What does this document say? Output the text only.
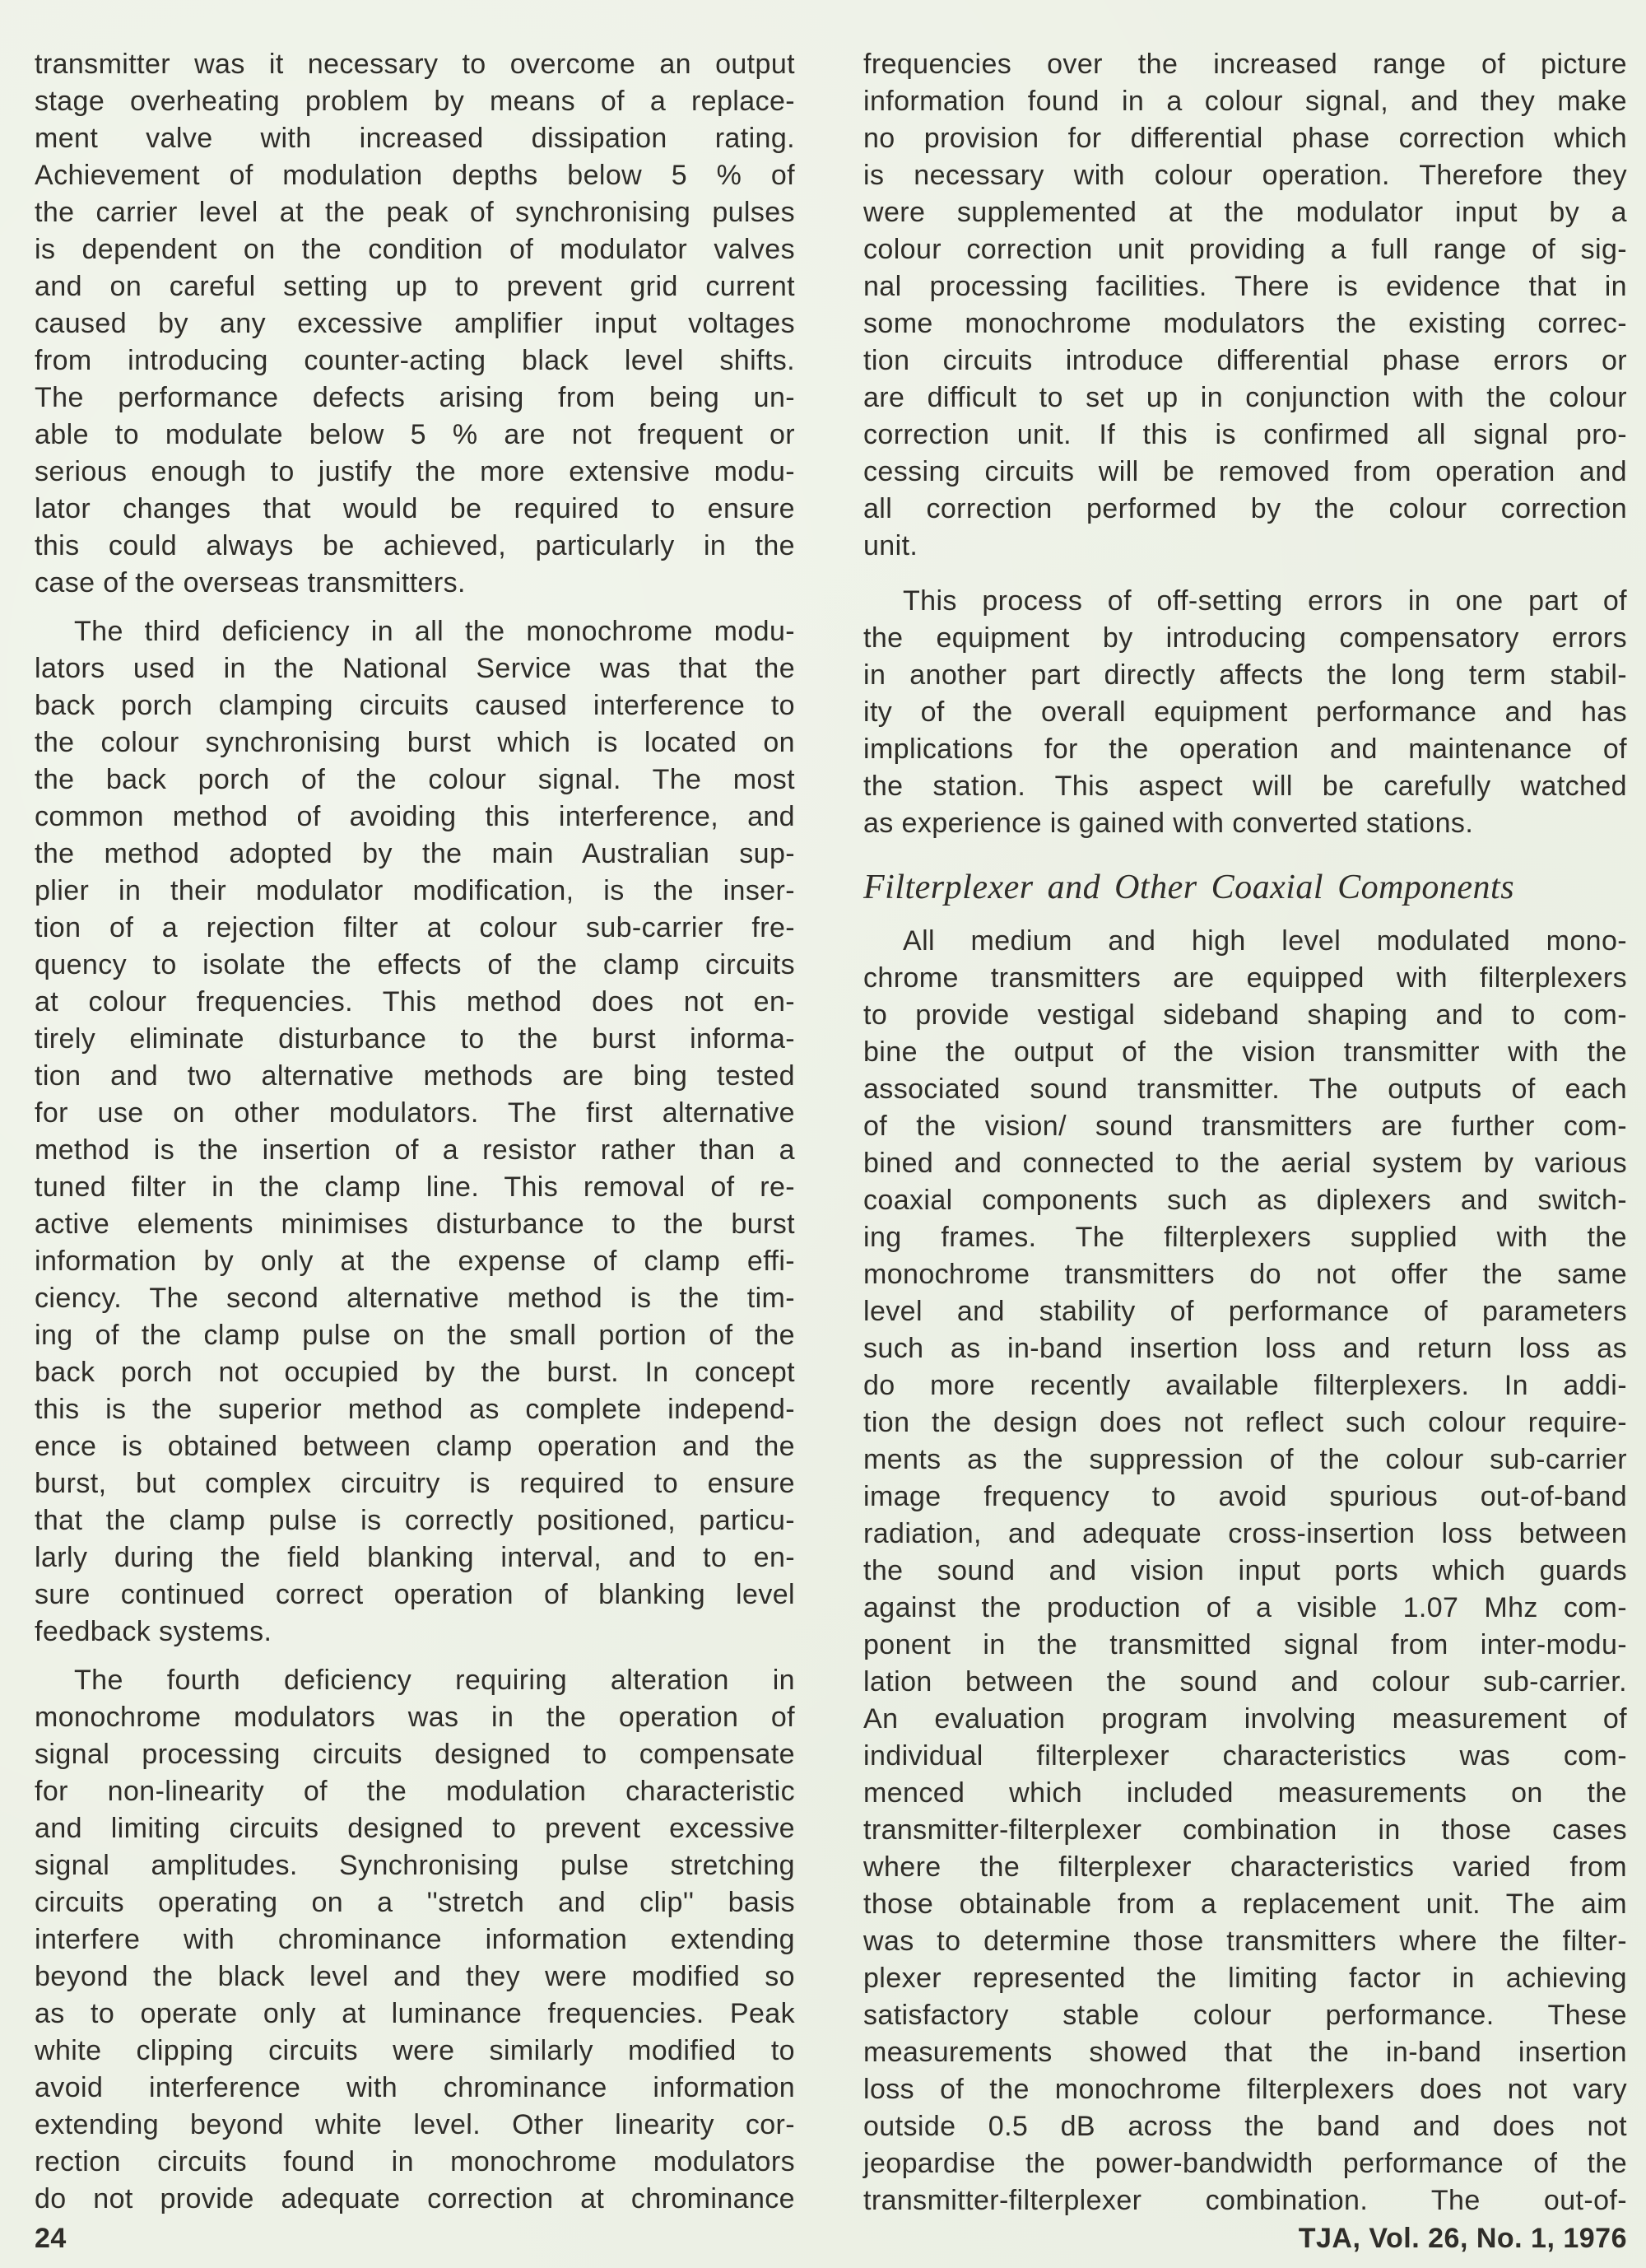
transmitter was it necessary to overcome an output
stage overheating problem by means of a replace-
ment valve with increased dissipation rating.
Achievement of modulation depths below 5 % of
the carrier level at the peak of synchronising pulses
is dependent on the condition of modulator valves
and on careful setting up to prevent grid current
caused by any excessive amplifier input voltages
from introducing counter-acting black level shifts.
The performance defects arising from being un-
able to modulate below 5 % are not frequent or
serious enough to justify the more extensive modu-
lator changes that would be required to ensure
this could always be achieved, particularly in the
case of the overseas transmitters.
The third deficiency in all the monochrome modu-
lators used in the National Service was that the
back porch clamping circuits caused interference to
the colour synchronising burst which is located on
the back porch of the colour signal. The most
common method of avoiding this interference, and
the method adopted by the main Australian sup-
plier in their modulator modification, is the inser-
tion of a rejection filter at colour sub-carrier fre-
quency to isolate the effects of the clamp circuits
at colour frequencies. This method does not en-
tirely eliminate disturbance to the burst informa-
tion and two alternative methods are bing tested
for use on other modulators. The first alternative
method is the insertion of a resistor rather than a
tuned filter in the clamp line. This removal of re-
active elements minimises disturbance to the burst
information by only at the expense of clamp effi-
ciency. The second alternative method is the tim-
ing of the clamp pulse on the small portion of the
back porch not occupied by the burst. In concept
this is the superior method as complete independ-
ence is obtained between clamp operation and the
burst, but complex circuitry is required to ensure
that the clamp pulse is correctly positioned, particu-
larly during the field blanking interval, and to en-
sure continued correct operation of blanking level
feedback systems.
The fourth deficiency requiring alteration in
monochrome modulators was in the operation of
signal processing circuits designed to compensate
for non-linearity of the modulation characteristic
and limiting circuits designed to prevent excessive
signal amplitudes. Synchronising pulse stretching
circuits operating on a ''stretch and clip'' basis
interfere with chrominance information extending
beyond the black level and they were modified so
as to operate only at luminance frequencies. Peak
white clipping circuits were similarly modified to
avoid interference with chrominance information
extending beyond white level. Other linearity cor-
rection circuits found in monochrome modulators
do not provide adequate correction at chrominance
frequencies over the increased range of picture
information found in a colour signal, and they make
no provision for differential phase correction which
is necessary with colour operation. Therefore they
were supplemented at the modulator input by a
colour correction unit providing a full range of sig-
nal processing facilities. There is evidence that in
some monochrome modulators the existing correc-
tion circuits introduce differential phase errors or
are difficult to set up in conjunction with the colour
correction unit. If this is confirmed all signal pro-
cessing circuits will be removed from operation and
all correction performed by the colour correction
unit.
This process of off-setting errors in one part of
the equipment by introducing compensatory errors
in another part directly affects the long term stabil-
ity of the overall equipment performance and has
implications for the operation and maintenance of
the station. This aspect will be carefully watched
as experience is gained with converted stations.
Filterplexer and Other Coaxial Components
All medium and high level modulated mono-
chrome transmitters are equipped with filterplexers
to provide vestigal sideband shaping and to com-
bine the output of the vision transmitter with the
associated sound transmitter. The outputs of each
of the vision/ sound transmitters are further com-
bined and connected to the aerial system by various
coaxial components such as diplexers and switch-
ing frames. The filterplexers supplied with the
monochrome transmitters do not offer the same
level and stability of performance of parameters
such as in-band insertion loss and return loss as
do more recently available filterplexers. In addi-
tion the design does not reflect such colour require-
ments as the suppression of the colour sub-carrier
image frequency to avoid spurious out-of-band
radiation, and adequate cross-insertion loss between
the sound and vision input ports which guards
against the production of a visible 1.07 Mhz com-
ponent in the transmitted signal from inter-modu-
lation between the sound and colour sub-carrier.
An evaluation program involving measurement of
individual filterplexer characteristics was com-
menced which included measurements on the
transmitter-filterplexer combination in those cases
where the filterplexer characteristics varied from
those obtainable from a replacement unit. The aim
was to determine those transmitters where the filter-
plexer represented the limiting factor in achieving
satisfactory stable colour performance. These
measurements showed that the in-band insertion
loss of the monochrome filterplexers does not vary
outside 0.5 dB across the band and does not
jeopardise the power-bandwidth performance of the
transmitter-filterplexer combination. The out-of-
24	TJA, Vol. 26, No. 1, 1976
